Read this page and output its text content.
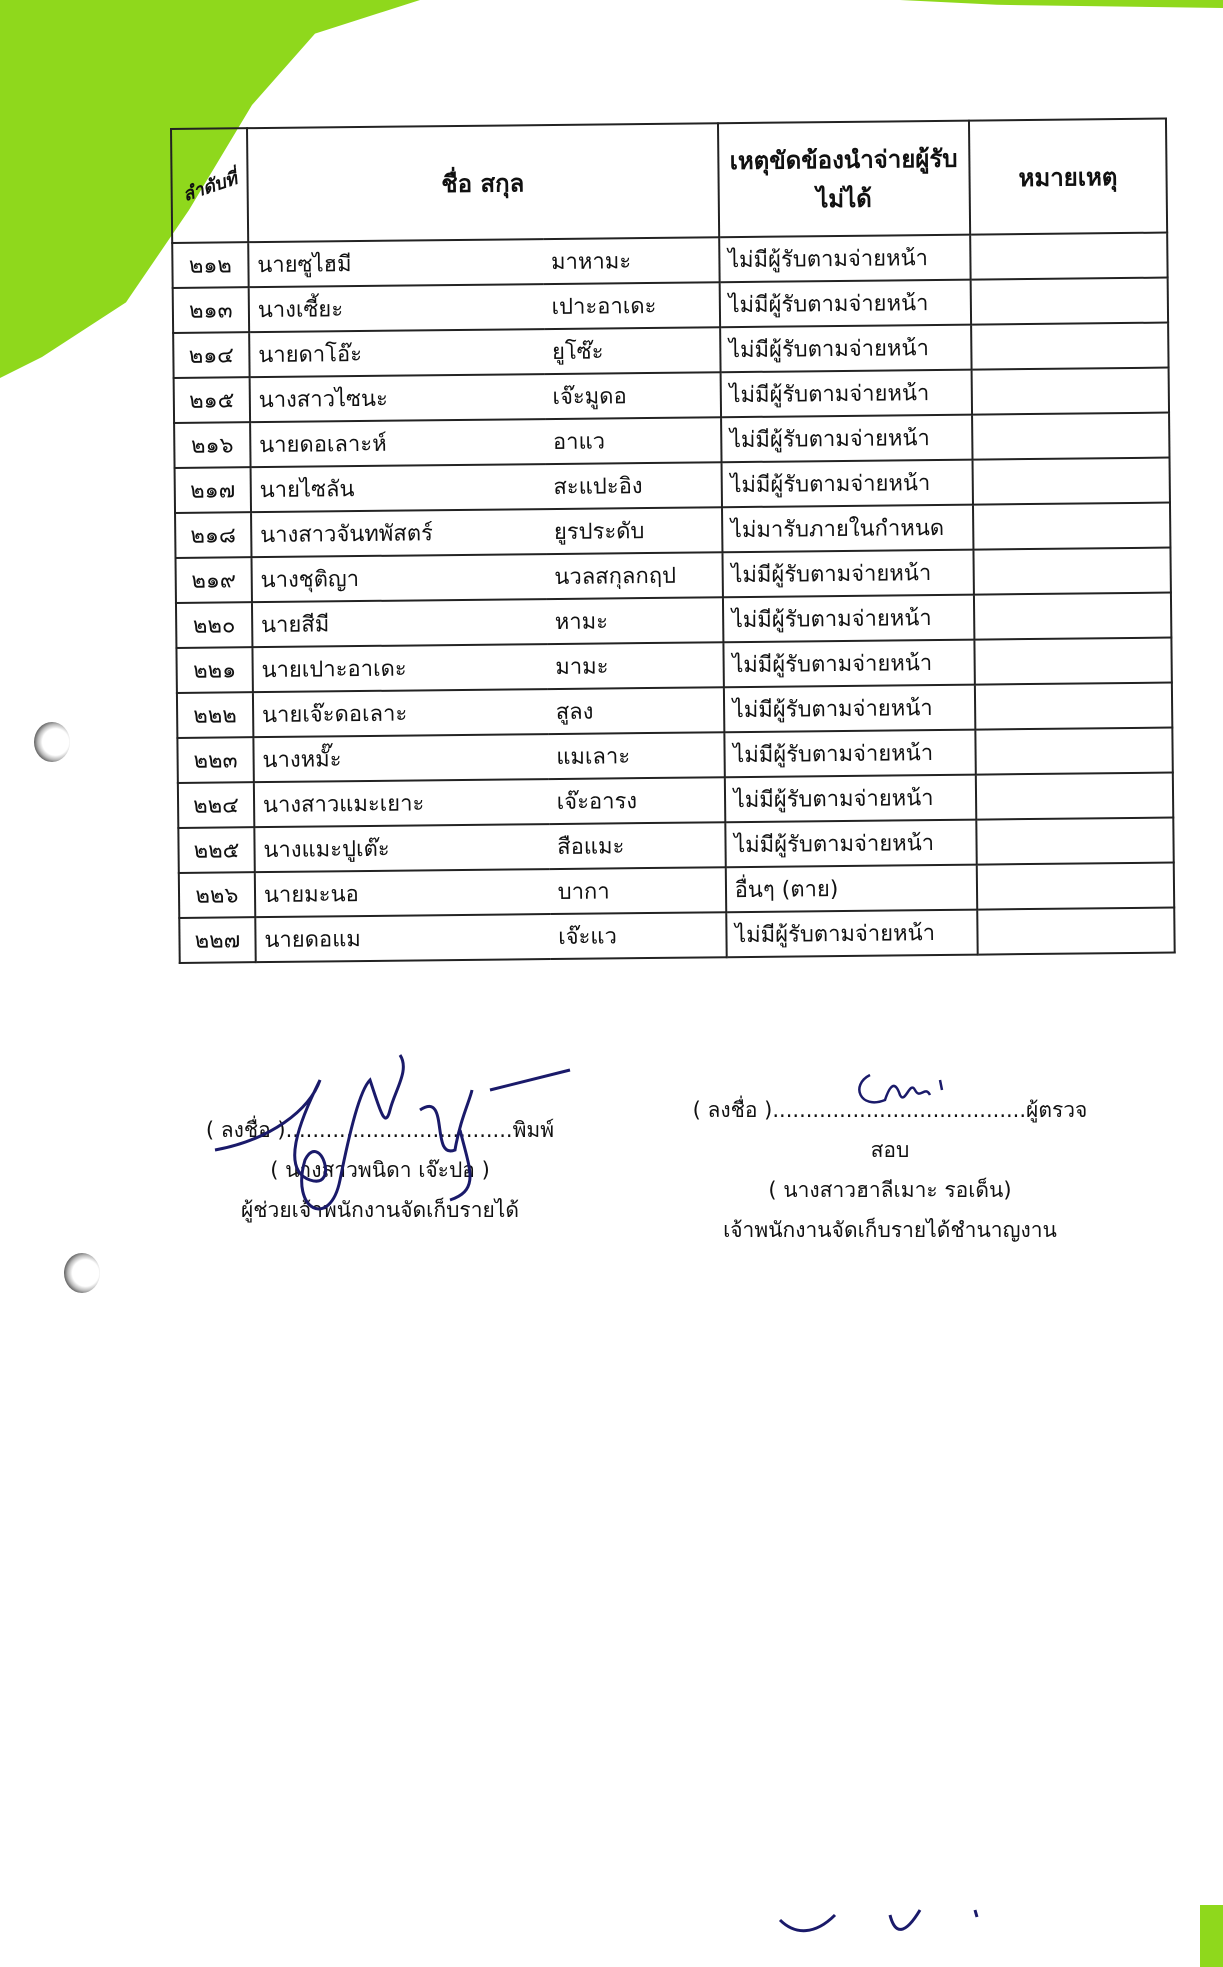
ลำดับที่	ชื่อ สกุล		เหตุขัดข้องนำจ่ายผู้รับไม่ได้	หมายเหตุ
๒๑๒	นายซูไฮมี	มาหามะ	ไม่มีผู้รับตามจ่ายหน้า	
๒๑๓	นางเซี้ยะ	เปาะอาเดะ	ไม่มีผู้รับตามจ่ายหน้า	
๒๑๔	นายดาโอ๊ะ	ยูโซ๊ะ	ไม่มีผู้รับตามจ่ายหน้า	
๒๑๕	นางสาวไซนะ	เจ๊ะมูดอ	ไม่มีผู้รับตามจ่ายหน้า	
๒๑๖	นายดอเลาะห์	อาแว	ไม่มีผู้รับตามจ่ายหน้า	
๒๑๗	นายไซลัน	สะแปะอิง	ไม่มีผู้รับตามจ่ายหน้า	
๒๑๘	นางสาวจันทพัสตร์	ยูรประดับ	ไม่มารับภายในกำหนด	
๒๑๙	นางชุติญา	นวลสกุลกฤป	ไม่มีผู้รับตามจ่ายหน้า	
๒๒๐	นายสีมี	หามะ	ไม่มีผู้รับตามจ่ายหน้า	
๒๒๑	นายเปาะอาเดะ	มามะ	ไม่มีผู้รับตามจ่ายหน้า	
๒๒๒	นายเจ๊ะดอเลาะ	สูลง	ไม่มีผู้รับตามจ่ายหน้า	
๒๒๓	นางหมั๊ะ	แมเลาะ	ไม่มีผู้รับตามจ่ายหน้า	
๒๒๔	นางสาวแมะเยาะ	เจ๊ะอารง	ไม่มีผู้รับตามจ่ายหน้า	
๒๒๕	นางแมะปูเต๊ะ	สือแมะ	ไม่มีผู้รับตามจ่ายหน้า	
๒๒๖	นายมะนอ	บากา	อื่นๆ (ตาย)	
๒๒๗	นายดอแม	เจ๊ะแว	ไม่มีผู้รับตามจ่ายหน้า	
( ลงชื่อ )..................................พิมพ์
( นางสาวพนิดา เจ๊ะปอ )
ผู้ช่วยเจ้าพนักงานจัดเก็บรายได้
( ลงชื่อ )......................................ผู้ตรวจสอบ
( นางสาวฮาลีเมาะ รอเด็น)
เจ้าพนักงานจัดเก็บรายได้ชำนาญงาน
